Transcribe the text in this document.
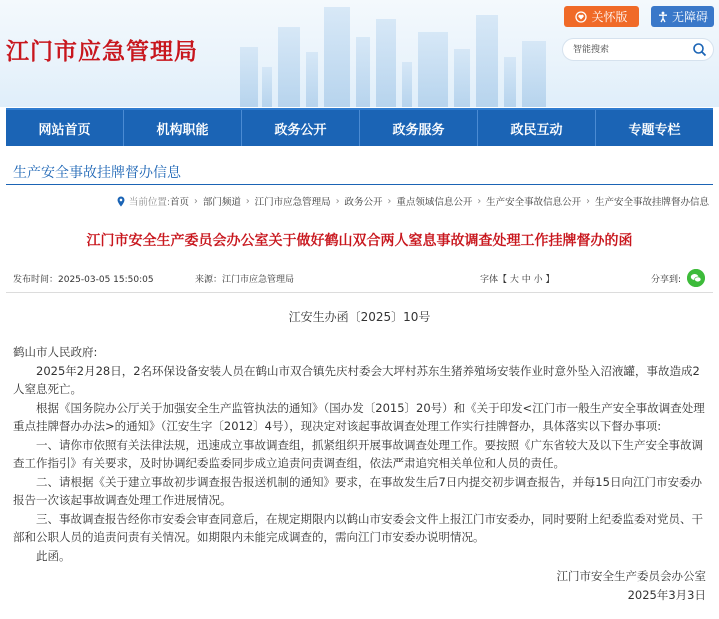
江门市应急管理局
关怀版	无障碍
智能搜索
网站首页	机构职能	政务公开	政务服务	政民互动	专题专栏
生产安全事故挂牌督办信息
当前位置: 首页 › 部门频道 › 江门市应急管理局 › 政务公开 › 重点领域信息公开 › 生产安全事故信息公开 › 生产安全事故挂牌督办信息
江门市安全生产委员会办公室关于做好鹤山双合两人窒息事故调查处理工作挂牌督办的函
发布时间：2025-03-05 15:50:05	来源：江门市应急管理局	字体【 大 中 小 】	分享到:
江安生办函〔2025〕10号

鹤山市人民政府:

2025年2月28日，2名环保设备安装人员在鹤山市双合镇先庆村委会大坪村苏东生猪养殖场安装作业时意外坠入沼液罐，事故造成2人窒息死亡。

根据《国务院办公厅关于加强安全生产监管执法的通知》（国办发〔2015〕20号）和《关于印发<江门市一般生产安全事故调查处理重点挂牌督办办法>的通知》（江安生字〔2012〕4号），现决定对该起事故调查处理工作实行挂牌督办，具体落实以下督办事项:

一、请你市依照有关法律法规，迅速成立事故调查组，抓紧组织开展事故调查处理工作。要按照《广东省较大及以下生产安全事故调查工作指引》有关要求，及时协调纪委监委同步成立追责问责调查组，依法严肃追究相关单位和人员的责任。

二、请根据《关于建立事故初步调查报告报送机制的通知》要求，在事故发生后7日内提交初步调查报告，并每15日向江门市安委办报告一次该起事故调查处理工作进展情况。

三、事故调查报告经你市安委会审查同意后，在规定期限内以鹤山市安委会文件上报江门市安委办，同时要附上纪委监委对党员、干部和公职人员的追责问责有关情况。如期限内未能完成调查的，需向江门市安委办说明情况。

此函。

江门市安全生产委员会办公室
2025年3月3日
